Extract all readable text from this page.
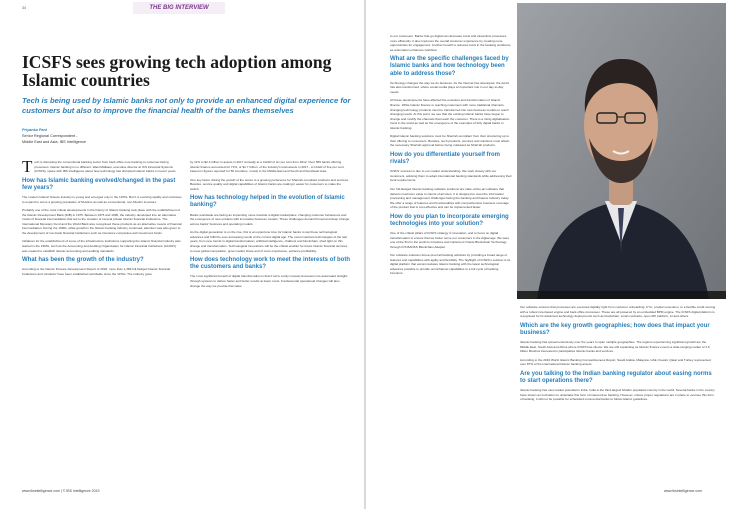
34	THE BIG INTERVIEW
ICSFS sees growing tech adoption among Islamic countries
Tech is being used by Islamic banks not only to provide an enhanced digital experience for customers but also to improve the financial health of the banks themselves
Priyanka Pani
Senior Regional Correspondent -
Middle East and Asia, IBS Intelligence

Tech is disrupting the conventional banking sector from back office core banking to customer-facing processes. Islamic banking is no different. Wael Malkawi, executive director at ICS Financial Systems (ICSFS), spoke with IBS Intelligence about how technology has disrupted Islamic banks in recent years.

How has Islamic banking evolved/changed in the past few years?

The modern Islamic finance industry is young and emerged only in the 1970s. But it is evolving rapidly and continues to expand to serve a growing population of Muslims as well as conventional, non-Muslim investors.

Probably one of the most critical developments in the history of Islamic banking took place with the establishment of the Islamic Development Bank (IDB) in 1975. Between 1975 and 1990, the industry developed into an alternative model of financial intermediation that led to the creation of several private Islamic financial institutions. The International Monetary Fund and the World Bank also recognised these products as an alternative means of financial intermediation. During the 1990s, while growth in the Islamic banking industry continued, attention was also given to the development of non-bank financial institutions such as insurance companies and investment funds.

Initiatives for the establishment of some of the infrastructure institutions supporting the Islamic financial industry also started in the 1990s, such as the Accounting and Auditing Organization for Islamic Financial Institutions (AAOIFI) was created to establish Islamic accounting and auditing standards.

What has been the growth of the industry?

According to the Islamic Finance Development Report of 2018, more than 1,389 full-fledged Islamic financial institutions and 'windows' have been established worldwide since the 1970s. The industry grew

by 11% to $2.4 trillion in assets in 2017 annually at a CAGR of six per cent from 2012. Over 505 banks offering Islamic finance accounted for 71%, or $1.7 trillion, of the industry's total assets in 2017 - a CAGR of five per cent, based on figures reported for 56 countries, mostly in the Middle East and South and Southeast Asia.

One key factor driving the growth of the sector is a growing preference for Shari'ah-compliant products and services. Besides, service quality and digital capabilities of Islamic banks are making it easier for customers to make the switch.

How has technology helped in the evolution of Islamic banking?

Banks worldwide are facing an impending move towards a digital marketplace, changing customer behaviours and the emergence of new entrants with innovative business models. These challenges demand broad and deep change across banks' business and operating models.

As the digital generation is on the rise, this is an opportune time for Islamic banks to tap these technological advances and fulfil the ever-increasing needs of the current digital age. The most important technologies of the last years, from new trends in digital transformation, artificial intelligence, chatbots and blockchain, shed light on this change and transformation. Technological innovations will be the critical enabler for future Islamic financial services to meet global competition, grow market share and of more importance, enhance profitability.

How does technology work to meet the interests of both the customers and banks?

The most significant benefit of digital transformation is that it turns costly manual processes into automated straight-through systems to deliver faster and better results at lower costs. Fundamental operational changes will also change the way we provide that value

www.ibsintelligence.com | © IBS Intelligence 2019

to our customers. Banks that go digital can decrease costs and streamline processes more efficiently. It also improves the overall customer experience by creating more opportunities for engagement. Another benefit is reduced costs in the banking workforce, as automation enhances workflow.

What are the specific challenges faced by Islamic banks and how technology been able to address those?

Technology changes the way we do business. As the internet has developed, the world has also transformed, where social media plays an important role in our day-to-day needs.

All these developments have affected the evolution and transformation of Islamic finance. While Islamic finance is reaching customers with more traditional channels, changing technology products must be transformed into new business models to reach changing needs. At this point, we see that the existing Islamic banks have begun to change and modify the channels that reach the customer. There is a rising digitalisation trend in the world as well as the emergence of the examples of fully digital banks in Islamic banking.

Digital Islamic banking solutions must be Shari'ah-compliant from their structuring up to their offering to consumers. Besides, such products, services and solutions must obtain the necessary Shari'ah approval before being marketed as Shari'ah products.

How do you differentiate yourself from rivals?

ICSFS' success is due to our market understanding. We work closely with our customers, advising them to adopt international banking standards while addressing their local requirements.

Our full-fledged Islamic banking software solutions are state-of-the-art software that delivers maximum value to clients of all sizes. It is designed to meet the information processing and management challenges facing the banking and finance industry today. We offer a range of features and functionalities with comprehensive business coverage of the product that is cost-effective and can be implemented faster.

How do you plan to incorporate emerging technologies into your solution?

One of the critical pillars of ICSFS strategy is innovation, and to focus on digital transformation to ensure that we better serve our customers in the digital age. We were one of the first in the world to introduce and implement Oracle Blockchain Technology through ICS BANKS Blockchain Adapter.

Our software solutions future-proof all banking activities by providing a broad range of features and capabilities with agility and flexibility. The highlight of ICSFS's solution is its digital platform that accommodates Islamic banking with the latest technological advances possible to provide omnichannel capabilities to a full cycle of banking functions.

Wael Malkawi, executive director, ICS Financial Systems

Our software ensures that processes are executed digitally right from customer onboarding, KYC, product execution, to a flexible credit scoring with a robust rule-based engine and back office processes. These are all powered by an embedded BPM engine. The ICSFS digital platform is recognised for its advanced technology deployments such as blockchain, smart contracts, open API platform, AI and others.

Which are the key growth geographies; how does that impact your business?

Islamic banking has spread extensively over the years to span multiple geographies. The regions experiencing significant growth are the Middle East, South Asia and Africa where ICSFS has clients. We are still expanding as Islamic finance covers a wide-ranging market of 1.6 billion Muslims interested in participative Islamic banks and services.

According to the 2016 World Islamic Banking Competitiveness Report, Saudi Arabia, Malaysia, UAE, Kuwait, Qatar and Turkey represented over 87% of the international Islamic banking assets.

Are you talking to the Indian banking regulator about easing norms to start operations there?

Islamic banking has vast market potential in India. India is the third-largest Muslim populated country in the world. Several banks in the country have shown an inclination to undertake this form of interest-free banking. However, unless proper regulations are in place to oversee this form of banking, it will not be possible for scheduled commercial banks to follow Islamic guidelines.

www.ibsintelligence.com
